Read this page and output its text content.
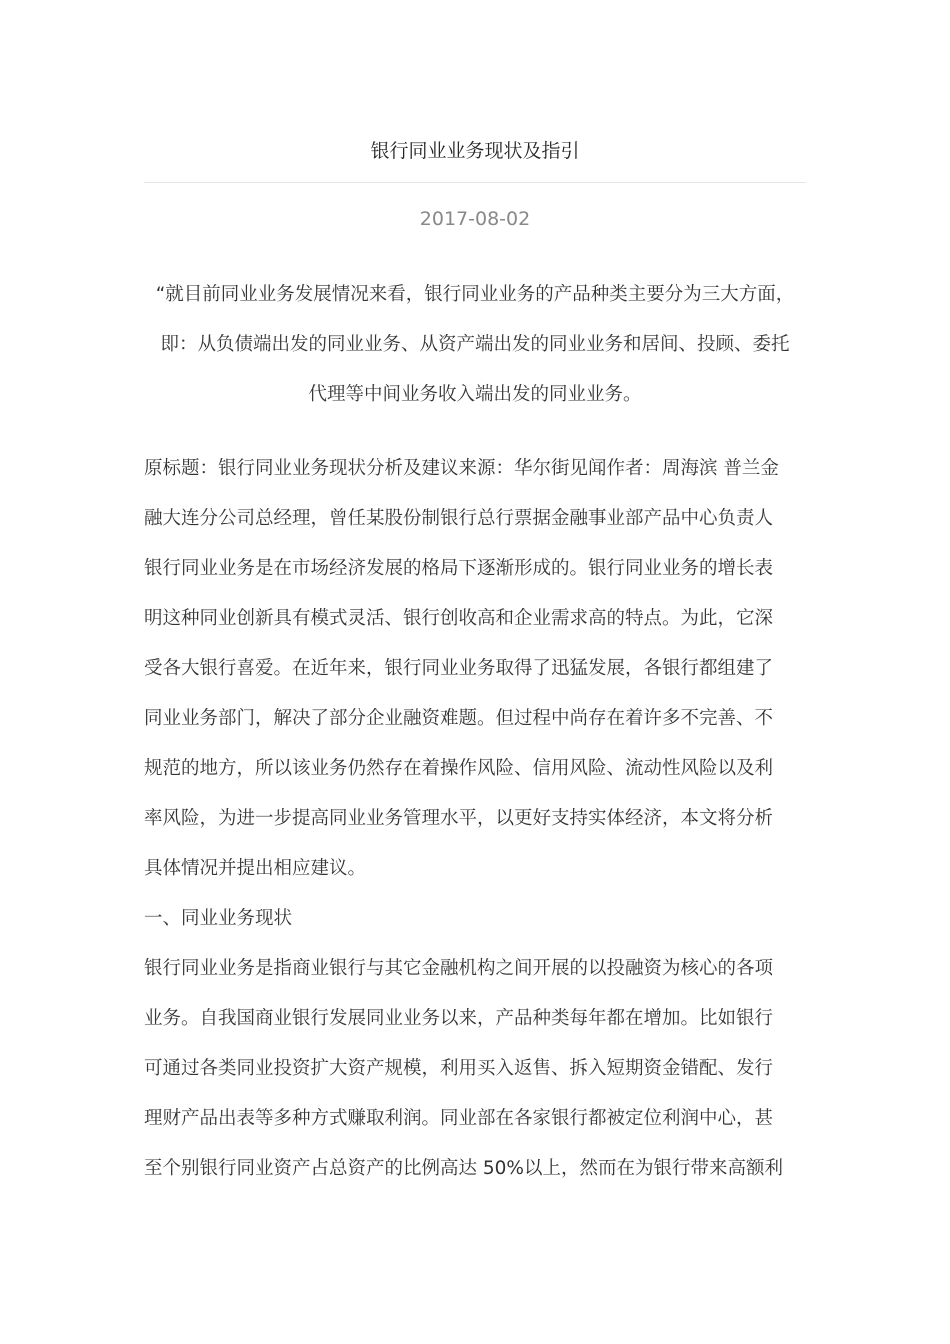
银行同业业务现状及指引
2017-08-02
“就目前同业业务发展情况来看，银行同业业务的产品种类主要分为三大方面，
即：从负债端出发的同业业务、从资产端出发的同业业务和居间、投顾、委托
代理等中间业务收入端出发的同业业务。
原标题：银行同业业务现状分析及建议来源：华尔街见闻作者：周海滨 普兰金
融大连分公司总经理，曾任某股份制银行总行票据金融事业部产品中心负责人
银行同业业务是在市场经济发展的格局下逐渐形成的。银行同业业务的增长表
明这种同业创新具有模式灵活、银行创收高和企业需求高的特点。为此，它深
受各大银行喜爱。在近年来，银行同业业务取得了迅猛发展，各银行都组建了
同业业务部门，解决了部分企业融资难题。但过程中尚存在着许多不完善、不
规范的地方，所以该业务仍然存在着操作风险、信用风险、流动性风险以及利
率风险，为进一步提高同业业务管理水平，以更好支持实体经济，本文将分析
具体情况并提出相应建议。
一、同业业务现状
银行同业业务是指商业银行与其它金融机构之间开展的以投融资为核心的各项
业务。自我国商业银行发展同业业务以来，产品种类每年都在增加。比如银行
可通过各类同业投资扩大资产规模，利用买入返售、拆入短期资金错配、发行
理财产品出表等多种方式赚取利润。同业部在各家银行都被定位利润中心，甚
至个别银行同业资产占总资产的比例高达 50%以上，然而在为银行带来高额利
